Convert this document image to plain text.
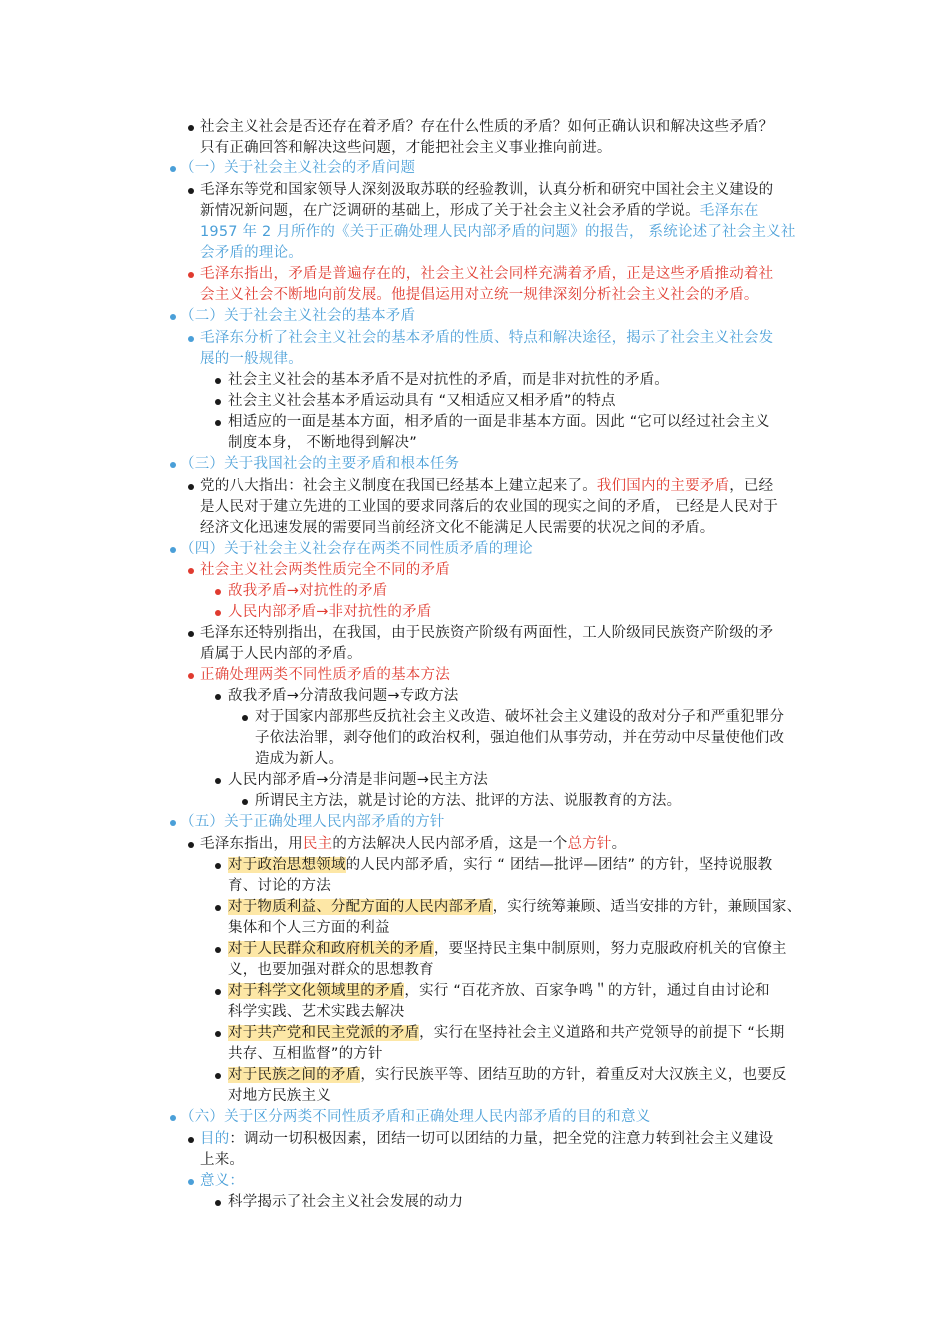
社会主义社会是否还存在着矛盾？存在什么性质的矛盾？如何正确认识和解决这些矛盾？
只有正确回答和解决这些问题，才能把社会主义事业推向前进。
（一）关于社会主义社会的矛盾问题
毛泽东等党和国家领导人深刻汲取苏联的经验教训，认真分析和研究中国社会主义建设的
新情况新问题，在广泛调研的基础上，形成了关于社会主义社会矛盾的学说。毛泽东在
1957 年 2 月所作的《关于正确处理人民内部矛盾的问题》的报告， 系统论述了社会主义社
会矛盾的理论。
毛泽东指出，矛盾是普遍存在的，社会主义社会同样充满着矛盾，正是这些矛盾推动着社
会主义社会不断地向前发展。他提倡运用对立统一规律深刻分析社会主义社会的矛盾。
（二）关于社会主义社会的基本矛盾
毛泽东分析了社会主义社会的基本矛盾的性质、特点和解决途径，揭示了社会主义社会发
展的一般规律。
社会主义社会的基本矛盾不是对抗性的矛盾，而是非对抗性的矛盾。
社会主义社会基本矛盾运动具有 “又相适应又相矛盾”的特点
相适应的一面是基本方面，相矛盾的一面是非基本方面。因此 “它可以经过社会主义
制度本身， 不断地得到解决”
（三）关于我国社会的主要矛盾和根本任务
党的八大指出：社会主义制度在我国已经基本上建立起来了。我们国内的主要矛盾，已经
是人民对于建立先进的工业国的要求同落后的农业国的现实之间的矛盾， 已经是人民对于
经济文化迅速发展的需要同当前经济文化不能满足人民需要的状况之间的矛盾。
（四）关于社会主义社会存在两类不同性质矛盾的理论
社会主义社会两类性质完全不同的矛盾
敌我矛盾→对抗性的矛盾
人民内部矛盾→非对抗性的矛盾
毛泽东还特别指出，在我国，由于民族资产阶级有两面性，工人阶级同民族资产阶级的矛
盾属于人民内部的矛盾。
正确处理两类不同性质矛盾的基本方法
敌我矛盾→分清敌我问题→专政方法
对于国家内部那些反抗社会主义改造、破坏社会主义建设的敌对分子和严重犯罪分
子依法治罪，剥夺他们的政治权利，强迫他们从事劳动，并在劳动中尽量使他们改
造成为新人。
人民内部矛盾→分清是非问题→民主方法
所谓民主方法，就是讨论的方法、批评的方法、说服教育的方法。
（五）关于正确处理人民内部矛盾的方针
毛泽东指出，用民主的方法解决人民内部矛盾，这是一个总方针。
对于政治思想领域的人民内部矛盾，实行 “ 团结—批评—团结” 的方针，坚持说服教
育、讨论的方法
对于物质利益、分配方面的人民内部矛盾，实行统筹兼顾、适当安排的方针，兼顾国家、
集体和个人三方面的利益
对于人民群众和政府机关的矛盾，要坚持民主集中制原则，努力克服政府机关的官僚主
义，也要加强对群众的思想教育
对于科学文化领域里的矛盾，实行 “百花齐放、百家争鸣＂的方针，通过自由讨论和
科学实践、艺术实践去解决
对于共产党和民主党派的矛盾，实行在坚持社会主义道路和共产党领导的前提下 “长期
共存、互相监督”的方针
对于民族之间的矛盾，实行民族平等、团结互助的方针，着重反对大汉族主义，也要反
对地方民族主义
（六）关于区分两类不同性质矛盾和正确处理人民内部矛盾的目的和意义
目的：调动一切积极因素，团结一切可以团结的力量，把全党的注意力转到社会主义建设
上来。
意义：
科学揭示了社会主义社会发展的动力
